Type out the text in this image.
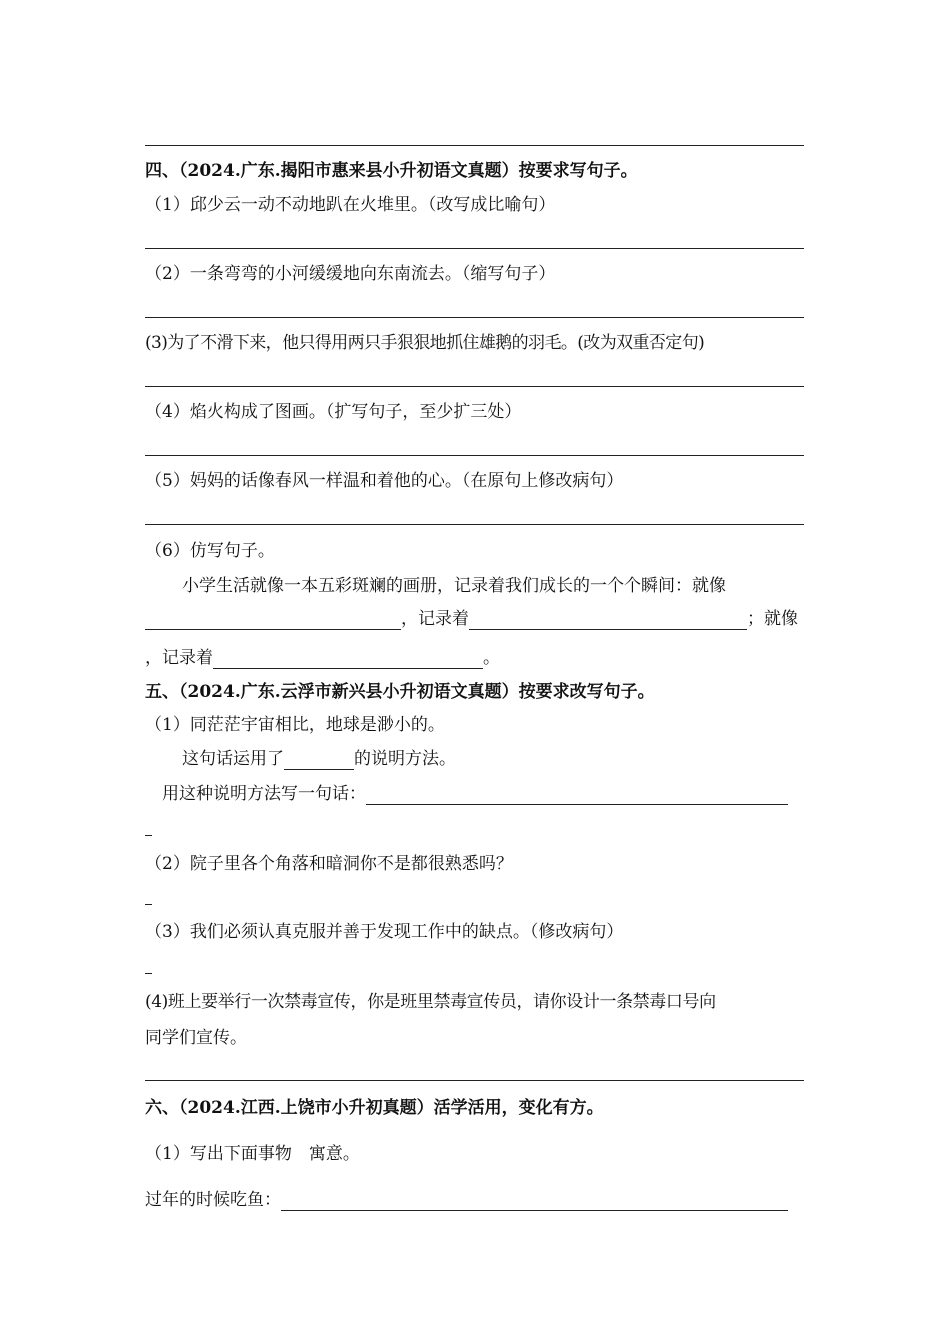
四、（2024.广东.揭阳市惠来县小升初语文真题）按要求写句子。
（1）邱少云一动不动地趴在火堆里。（改写成比喻句）
（2）一条弯弯的小河缓缓地向东南流去。（缩写句子）
(3)为了不滑下来，他只得用两只手狠狠地抓住雄鹅的羽毛。(改为双重否定句)
（4）焰火构成了图画。（扩写句子，至少扩三处）
（5）妈妈的话像春风一样温和着他的心。（在原句上修改病句）
（6）仿写句子。
小学生活就像一本五彩斑斓的画册，记录着我们成长的一个个瞬间：就像
，记录着	；就像
，记录着	。
五、（2024.广东.云浮市新兴县小升初语文真题）按要求改写句子。
（1）同茫茫宇宙相比，地球是渺小的。
这句话运用了	的说明方法。
用这种说明方法写一句话：
（2）院子里各个角落和暗洞你不是都很熟悉吗？
（3）我们必须认真克服并善于发现工作中的缺点。（修改病句）
(4)班上要举行一次禁毒宣传，你是班里禁毒宣传员，请你设计一条禁毒口号向
同学们宣传。
六、（2024.江西.上饶市小升初真题）活学活用，变化有方。
（1）写出下面事物　寓意。
过年的时候吃鱼：
